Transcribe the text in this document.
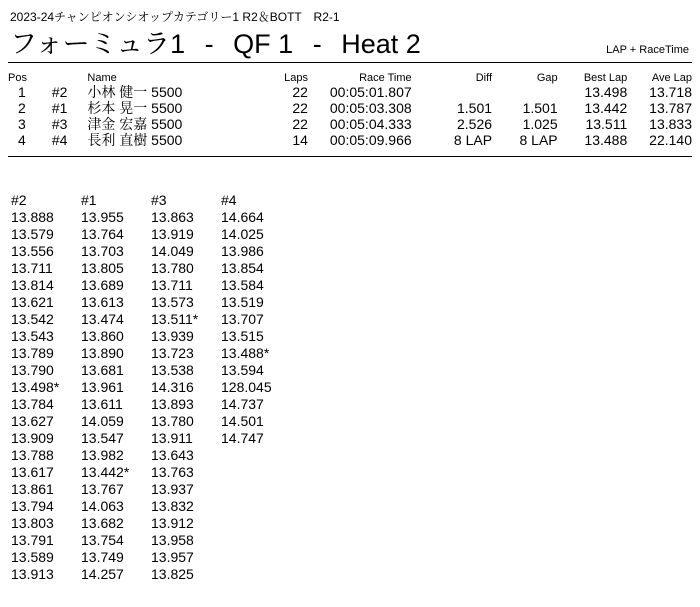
2023-24チャンピオンシオップカテゴリー1 R2＆BOTT　R2-1
フォーミュラ1 - QF 1 - Heat 2	LAP + RaceTime
Pos		Name	Laps	Race Time	Diff	Gap	Best Lap	Ave Lap
1	#2	小林 健一 5500	22	00:05:01.807			13.498	13.718
2	#1	杉本 晃一 5500	22	00:05:03.308	1.501	1.501	13.442	13.787
3	#3	津金 宏嘉 5500	22	00:05:04.333	2.526	1.025	13.511	13.833
4	#4	長利 直樹 5500	14	00:05:09.966	8 LAP	8 LAP	13.488	22.140
#2	#1	#3	#4
13.888	13.955	13.863	14.664
13.579	13.764	13.919	14.025
13.556	13.703	14.049	13.986
13.711	13.805	13.780	13.854
13.814	13.689	13.711	13.584
13.621	13.613	13.573	13.519
13.542	13.474	13.511*	13.707
13.543	13.860	13.939	13.515
13.789	13.890	13.723	13.488*
13.790	13.681	13.538	13.594
13.498*	13.961	14.316	128.045
13.784	13.611	13.893	14.737
13.627	14.059	13.780	14.501
13.909	13.547	13.911	14.747
13.788	13.982	13.643	
13.617	13.442*	13.763	
13.861	13.767	13.937	
13.794	14.063	13.832	
13.803	13.682	13.912	
13.791	13.754	13.958	
13.589	13.749	13.957	
13.913	14.257	13.825	
